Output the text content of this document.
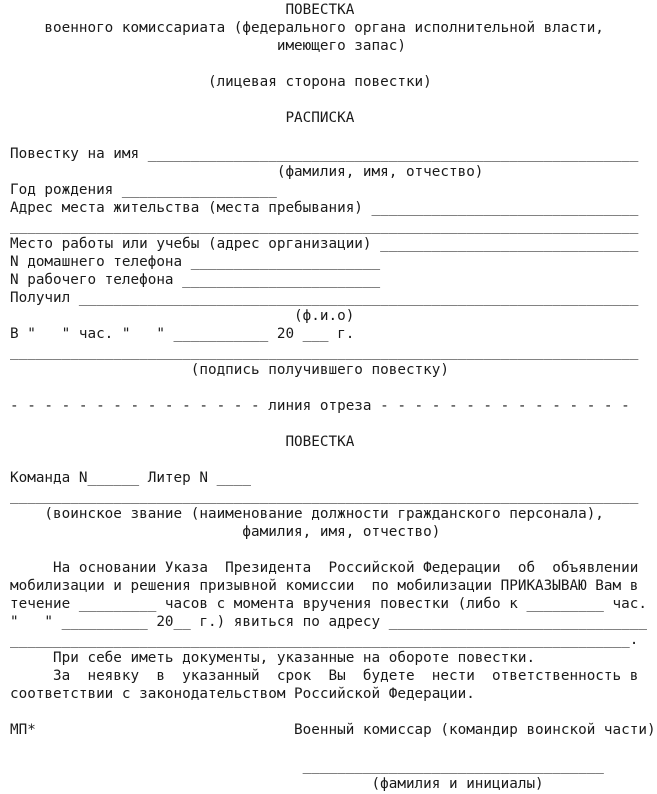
ПОВЕСТКА
военного комиссариата (федерального органа исполнительной власти,
имеющего запас)
(лицевая сторона повестки)
РАСПИСКА
Повестку на имя _________________________________________________________
(фамилия, имя, отчество)
Год рождения __________________
Адрес места жительства (места пребывания) _______________________________
_________________________________________________________________________
Место работы или учебы (адрес организации) ______________________________
N домашнего телефона ______________________
N рабочего телефона _______________________
Получил _________________________________________________________________
(ф.и.о)
В "   " час. "   " ___________ 20 ___ г.
_________________________________________________________________________
(подпись получившего повестку)
- - - - - - - - - - - - - - - линия отреза - - - - - - - - - - - - - - -
ПОВЕСТКА
Команда N______ Литер N ____
_________________________________________________________________________
(воинское звание (наименование должности гражданского персонала),
фамилия, имя, отчество)
На основании Указа  Президента  Российской Федерации  об  объявлении
мобилизации и решения призывной комиссии  по мобилизации ПРИКАЗЫВАЮ Вам в
течение _________ часов с момента вручения повестки (либо к _________ час.
"   " __________ 20__ г.) явиться по адресу ______________________________
________________________________________________________________________.
При себе иметь документы, указанные на обороте повестки.
За  неявку  в  указанный  срок  Вы  будете  нести  ответственность в
соответствии с законодательством Российской Федерации.
МП*                              Военный комиссар (командир воинской части)
___________________________________
(фамилия и инициалы)
